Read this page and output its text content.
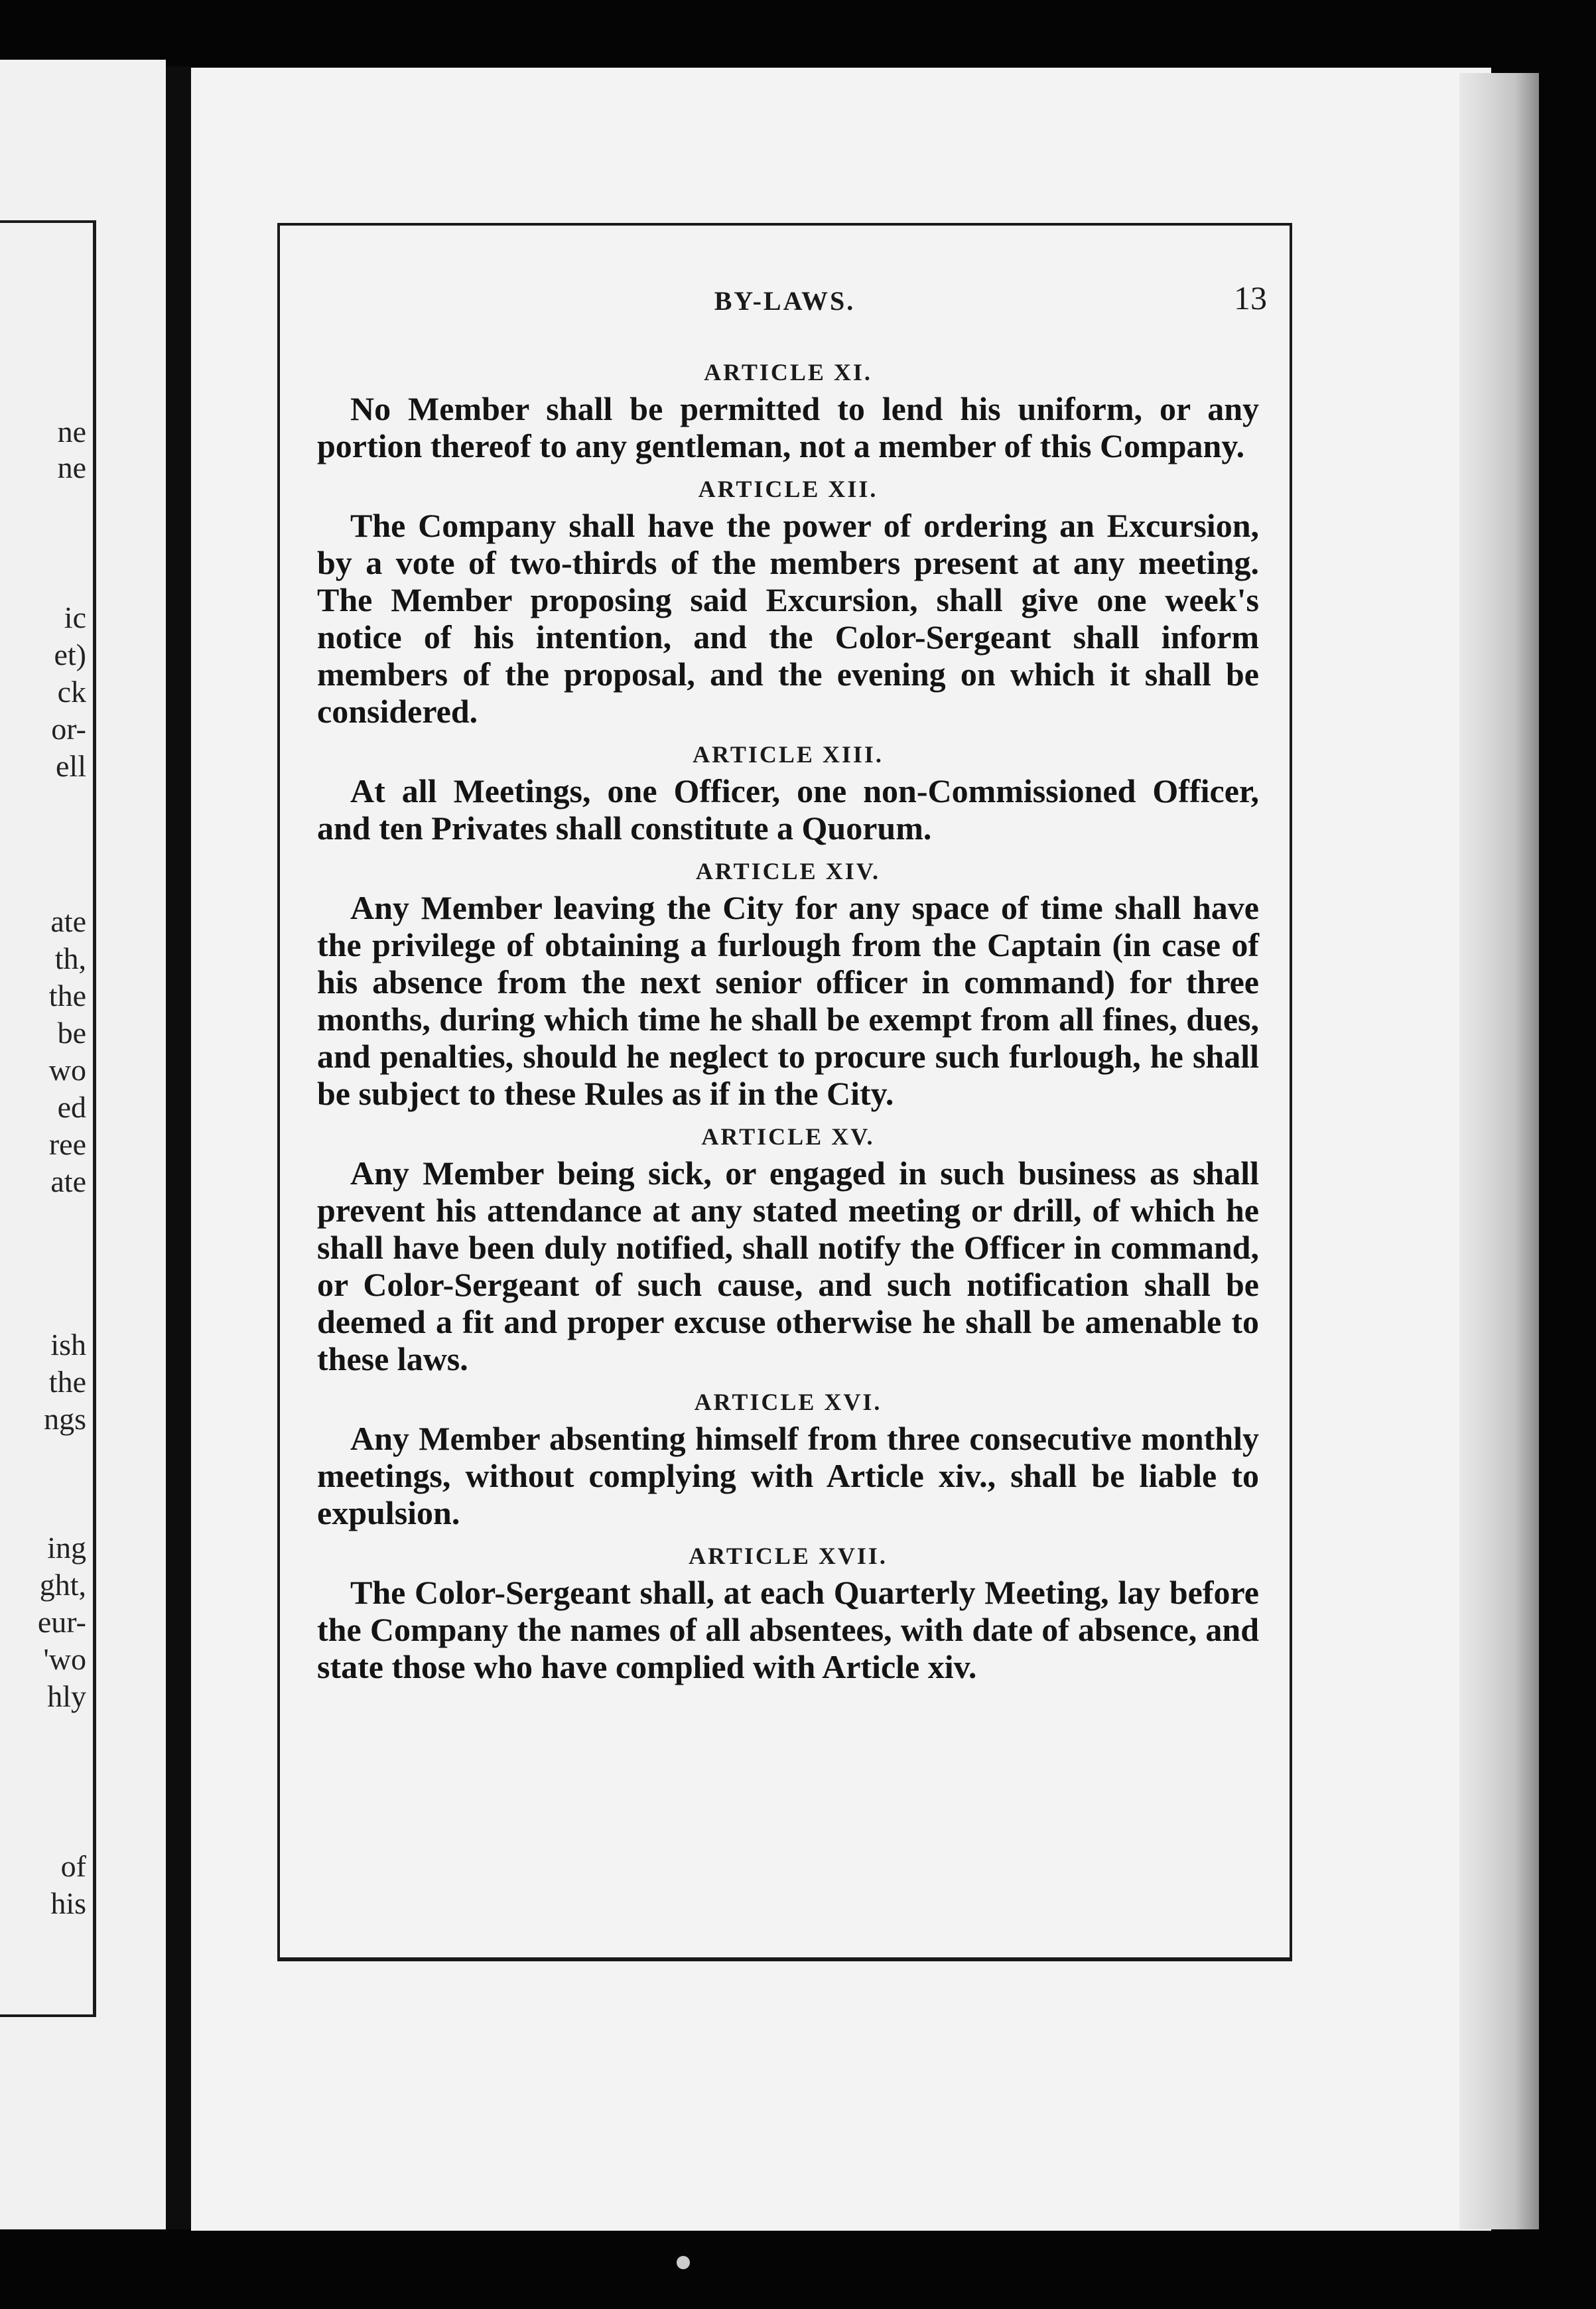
ne
ne
ic
et)
ck
or-
ell
ate
th,
the
be
wo
ed
ree
ate
ish
the
ngs
ing
ght,
eur-
'wo
hly
of
his
BY-LAWS.	13
ARTICLE XI.

No Member shall be permitted to lend his uniform, or any portion thereof to any gentleman, not a member of this Company.

ARTICLE XII.

The Company shall have the power of ordering an Excursion, by a vote of two-thirds of the members present at any meeting. The Member proposing said Excursion, shall give one week's notice of his intention, and the Color-Sergeant shall inform members of the proposal, and the evening on which it shall be considered.

ARTICLE XIII.

At all Meetings, one Officer, one non-Commissioned Officer, and ten Privates shall constitute a Quorum.

ARTICLE XIV.

Any Member leaving the City for any space of time shall have the privilege of obtaining a furlough from the Captain (in case of his absence from the next senior officer in command) for three months, during which time he shall be exempt from all fines, dues, and penalties, should he neglect to procure such furlough, he shall be subject to these Rules as if in the City.

ARTICLE XV.

Any Member being sick, or engaged in such business as shall prevent his attendance at any stated meeting or drill, of which he shall have been duly notified, shall notify the Officer in command, or Color-Sergeant of such cause, and such notification shall be deemed a fit and proper excuse otherwise he shall be amenable to these laws.

ARTICLE XVI.

Any Member absenting himself from three consecutive monthly meetings, without complying with Article xiv., shall be liable to expulsion.

ARTICLE XVII.

The Color-Sergeant shall, at each Quarterly Meeting, lay before the Company the names of all absentees, with date of absence, and state those who have complied with Article xiv.
